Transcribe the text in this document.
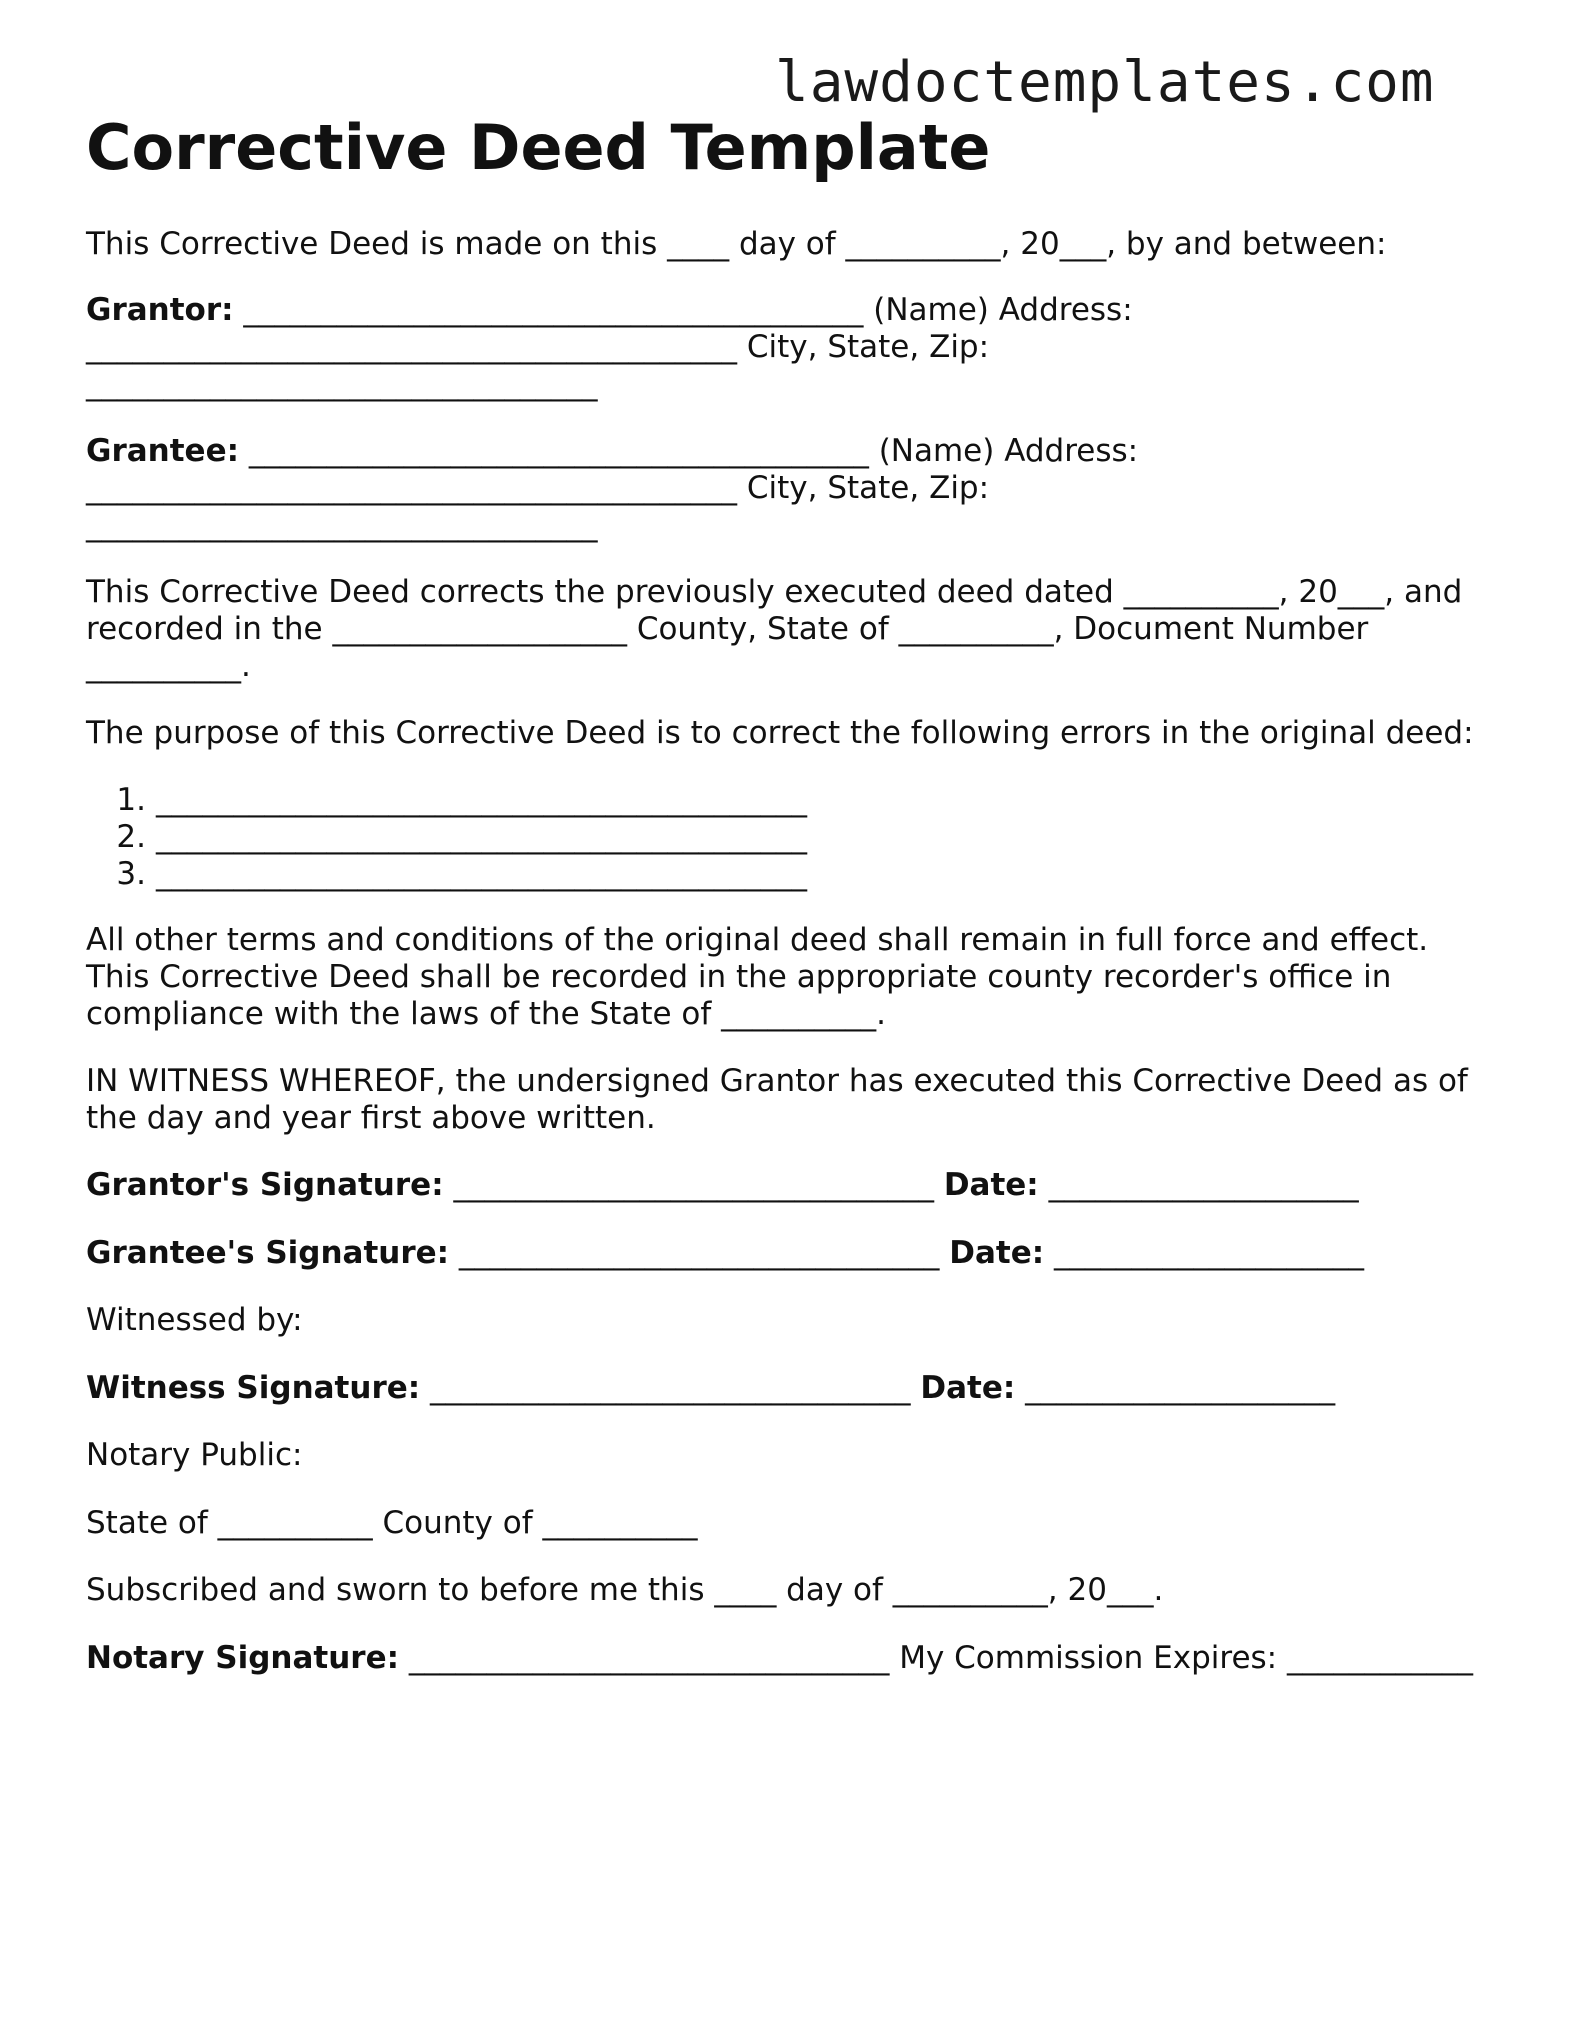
lawdoctemplates.com
Corrective Deed Template
This Corrective Deed is made on this ____ day of __________, 20___, by and between:
Grantor: ________________________________________ (Name) Address:
__________________________________________ City, State, Zip:
_________________________________
Grantee: ________________________________________ (Name) Address:
__________________________________________ City, State, Zip:
_________________________________
This Corrective Deed corrects the previously executed deed dated __________, 20___, and
recorded in the ___________________ County, State of __________, Document Number
__________.
The purpose of this Corrective Deed is to correct the following errors in the original deed:
1. __________________________________________
2. __________________________________________
3. __________________________________________
All other terms and conditions of the original deed shall remain in full force and effect.
This Corrective Deed shall be recorded in the appropriate county recorder's office in
compliance with the laws of the State of __________.
IN WITNESS WHEREOF, the undersigned Grantor has executed this Corrective Deed as of
the day and year first above written.
Grantor's Signature: _______________________________ Date: ____________________
Grantee's Signature: _______________________________ Date: ____________________
Witnessed by:
Witness Signature: _______________________________ Date: ____________________
Notary Public:
State of __________ County of __________
Subscribed and sworn to before me this ____ day of __________, 20___.
Notary Signature: _______________________________ My Commission Expires: ____________
